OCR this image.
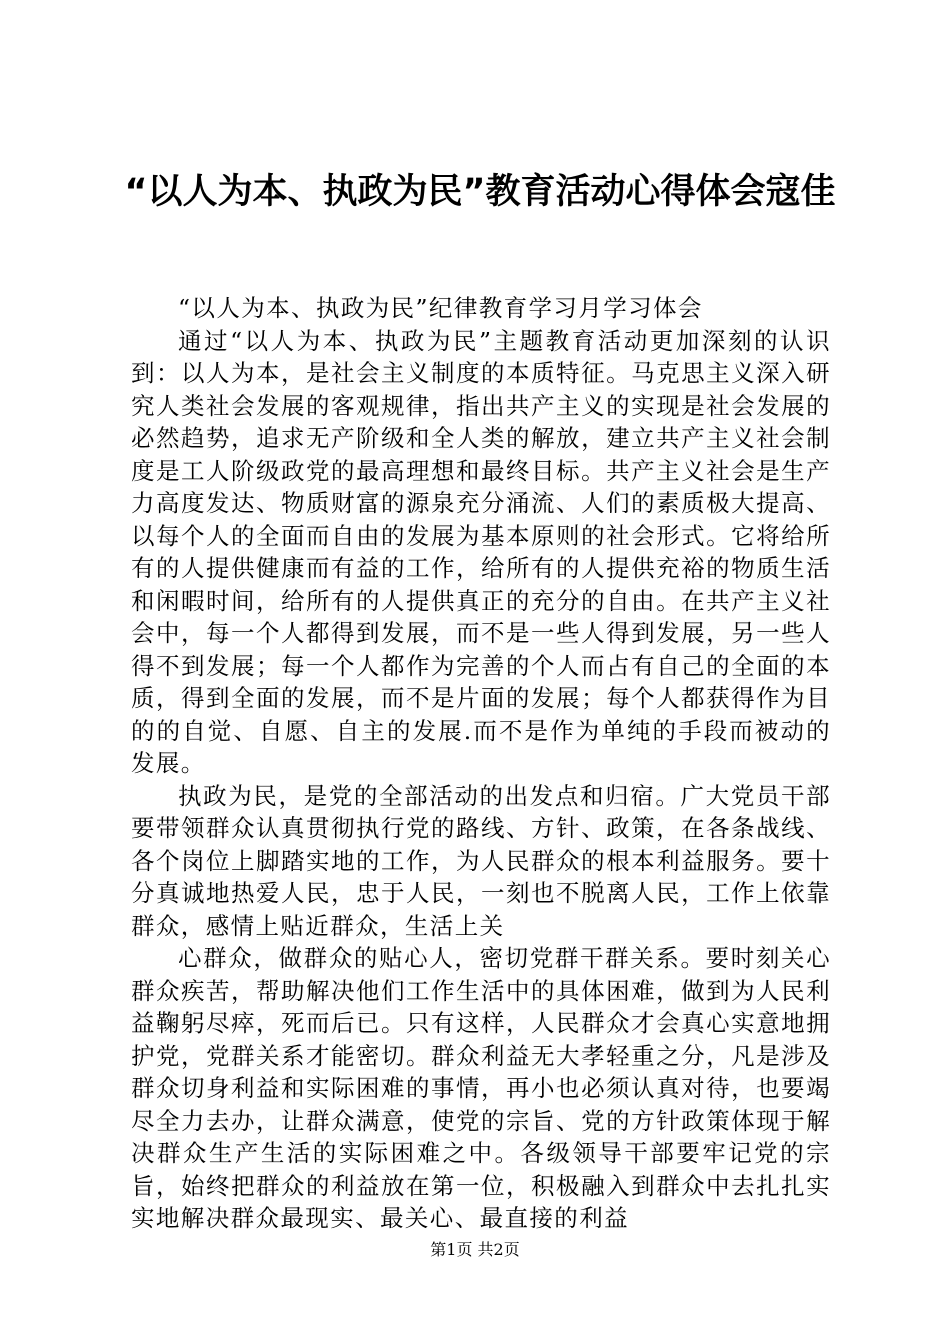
“以人为本、执政为民”教育活动心得体会寇佳

“以人为本、执政为民”纪律教育学习月学习体会

通过“以人为本、执政为民”主题教育活动更加深刻的认识到：以人为本，是社会主义制度的本质特征。马克思主义深入研究人类社会发展的客观规律，指出共产主义的实现是社会发展的必然趋势，追求无产阶级和全人类的解放，建立共产主义社会制度是工人阶级政党的最高理想和最终目标。共产主义社会是生产力高度发达、物质财富的源泉充分涌流、人们的素质极大提高、以每个人的全面而自由的发展为基本原则的社会形式。它将给所有的人提供健康而有益的工作，给所有的人提供充裕的物质生活和闲暇时间，给所有的人提供真正的充分的自由。在共产主义社会中，每一个人都得到发展，而不是一些人得到发展，另一些人得不到发展；每一个人都作为完善的个人而占有自己的全面的本质，得到全面的发展，而不是片面的发展；每个人都获得作为目的的自觉、自愿、自主的发展.而不是作为单纯的手段而被动的发展。

执政为民，是党的全部活动的出发点和归宿。广大党员干部要带领群众认真贯彻执行党的路线、方针、政策，在各条战线、各个岗位上脚踏实地的工作，为人民群众的根本利益服务。要十分真诚地热爱人民，忠于人民，一刻也不脱离人民，工作上依靠群众，感情上贴近群众，生活上关

心群众，做群众的贴心人，密切党群干群关系。要时刻关心群众疾苦，帮助解决他们工作生活中的具体困难，做到为人民利益鞠躬尽瘁，死而后已。只有这样，人民群众才会真心实意地拥护党，党群关系才能密切。群众利益无大孝轻重之分，凡是涉及群众切身利益和实际困难的事情，再小也必须认真对待，也要竭尽全力去办，让群众满意，使党的宗旨、党的方针政策体现于解决群众生产生活的实际困难之中。各级领导干部要牢记党的宗旨，始终把群众的利益放在第一位，积极融入到群众中去扎扎实实地解决群众最现实、最关心、最直接的利益

第1页 共2页
